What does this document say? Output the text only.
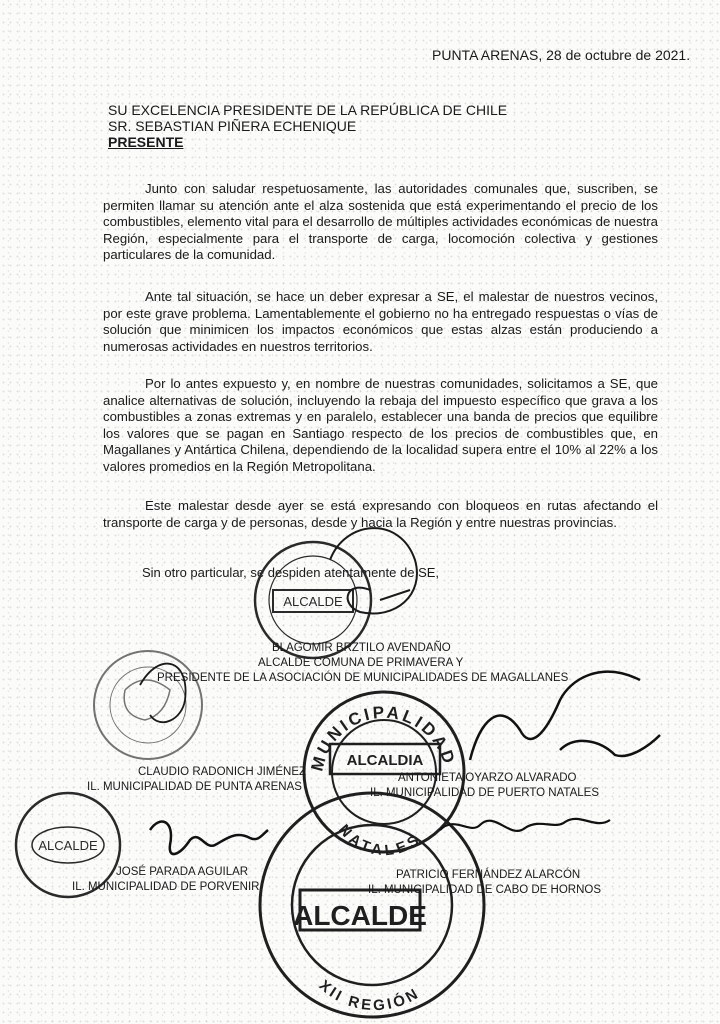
PUNTA ARENAS, 28 de octubre de 2021.
SU EXCELENCIA PRESIDENTE DE LA REPÚBLICA DE CHILE
SR. SEBASTIAN PIÑERA ECHENIQUE
PRESENTE
Junto con saludar respetuosamente, las autoridades comunales que, suscriben, se permiten llamar su atención ante el alza sostenida que está experimentando el precio de los combustibles, elemento vital para el desarrollo de múltiples actividades económicas de nuestra Región, especialmente para el transporte de carga, locomoción colectiva y gestiones particulares de la comunidad.
Ante tal situación, se hace un deber expresar a SE, el malestar de nuestros vecinos, por este grave problema. Lamentablemente el gobierno no ha entregado respuestas o vías de solución que minimicen los impactos económicos que estas alzas están produciendo a numerosas actividades en nuestros territorios.
Por lo antes expuesto y, en nombre de nuestras comunidades, solicitamos a SE, que analice alternativas de solución, incluyendo la rebaja del impuesto específico que grava a los combustibles a zonas extremas y en paralelo, establecer una banda de precios que equilibre los valores que se pagan en Santiago respecto de los precios de combustibles que, en Magallanes y Antártica Chilena, dependiendo de la localidad supera entre el 10% al 22% a los valores promedios en la Región Metropolitana.
Este malestar desde ayer se está expresando con bloqueos en rutas afectando el transporte de carga y de personas, desde y hacia la Región y entre nuestras provincias.
Sin otro particular, se despiden atentamente de SE,
ALCALDE
ALCALDIA
MUNICIPALIDAD
NATALES
ALCALDE
ALCALDE
XII REGIÓN
BLAGOMIR BRZTILO AVENDAÑO
ALCALDE COMUNA DE PRIMAVERA Y
PRESIDENTE DE LA ASOCIACIÓN DE MUNICIPALIDADES DE MAGALLANES
CLAUDIO RADONICH JIMÉNEZ
IL. MUNICIPALIDAD DE PUNTA ARENAS
ANTONIETA OYARZO ALVARADO
IL. MUNICIPALIDAD DE PUERTO NATALES
JOSÉ PARADA AGUILAR
IL. MUNICIPALIDAD DE PORVENIR
PATRICIO FERNÁNDEZ ALARCÓN
IL. MUNICIPALIDAD DE CABO DE HORNOS
